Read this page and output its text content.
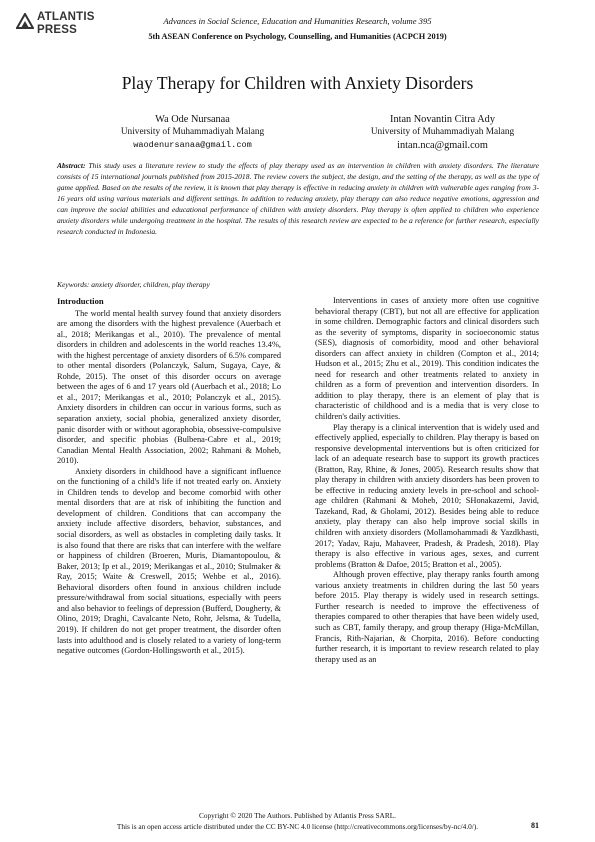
ATLANTIS
PRESS
Advances in Social Science, Education and Humanities Research, volume 395
5th ASEAN Conference on Psychology, Counselling, and Humanities (ACPCH 2019)
Play Therapy for Children with Anxiety Disorders
Wa Ode Nursanaa
University of Muhammadiyah Malang
waodenursanaa@gmail.com
Intan Novantin Citra Ady
University of Muhammadiyah Malang
intan.nca@gmail.com
Abstract: This study uses a literature review to study the effects of play therapy used as an intervention in children with anxiety disorders. The literature consists of 15 international journals published from 2015-2018. The review covers the subject, the design, and the setting of the therapy, as well as the type of game applied. Based on the results of the review, it is known that play therapy is effective in reducing anxiety in children with vulnerable ages ranging from 3-16 years old using various materials and different settings. In addition to reducing anxiety, play therapy can also reduce negative emotions, aggression and can improve the social abilities and educational performance of children with anxiety disorders. Play therapy is often applied to children who experience anxiety disorders while undergoing treatment in the hospital. The results of this research review are expected to be a reference for further research, especially research conducted in Indonesia.
Keywords: anxiety disorder, children, play therapy
Introduction

The world mental health survey found that anxiety disorders are among the disorders with the highest prevalence (Auerbach et al., 2018; Merikangas et al., 2010). The prevalence of mental disorders in children and adolescents in the world reaches 13.4%, with the highest percentage of anxiety disorders of 6.5% compared to other mental disorders (Polanczyk, Salum, Sugaya, Caye, & Rohde, 2015). The onset of this disorder occurs on average between the ages of 6 and 17 years old (Auerbach et al., 2018; Lo et al., 2017; Merikangas et al., 2010; Polanczyk et al., 2015). Anxiety disorders in children can occur in various forms, such as separation anxiety, social phobia, generalized anxiety disorder, panic disorder with or without agoraphobia, obsessive-compulsive disorder, and specific phobias (Bulbena-Cabre et al., 2019; Canadian Mental Health Association, 2002; Rahmani & Moheb, 2010).

Anxiety disorders in childhood have a significant influence on the functioning of a child's life if not treated early on. Anxiety in Children tends to develop and become comorbid with other mental disorders that are at risk of inhibiting the function and development of children. Conditions that can accompany the anxiety include affective disorders, behavior, substances, and social disorders, as well as obstacles in completing daily tasks. It is also found that there are risks that can interfere with the welfare or happiness of children (Broeren, Muris, Diamantopoulou, & Baker, 2013; Ip et al., 2019; Merikangas et al., 2010; Stulmaker & Ray, 2015; Waite & Creswell, 2015; Wehbe et al., 2016). Behavioral disorders often found in anxious children include pressure/withdrawal from social situations, especially with peers and also behavior to feelings of depression (Bufferd, Dougherty, & Olino, 2019; Draghi, Cavalcante Neto, Rohr, Jelsma, & Tudella, 2019). If children do not get proper treatment, the disorder often lasts into adulthood and is closely related to a variety of long-term negative outcomes (Gordon-Hollingsworth et al., 2015).

Interventions in cases of anxiety more often use cognitive behavioral therapy (CBT), but not all are effective for application in some children. Demographic factors and clinical disorders such as the severity of symptoms, disparity in socioeconomic status (SES), diagnosis of comorbidity, mood and other behavioral disorders can affect anxiety in children (Compton et al., 2014; Hudson et al., 2015; Zhu et al., 2019). This condition indicates the need for research and other treatments related to anxiety in children as a form of prevention and intervention disorders. In addition to play therapy, there is an element of play that is characteristic of childhood and is a media that is very close to children's daily activities.

Play therapy is a clinical intervention that is widely used and effectively applied, especially to children. Play therapy is based on responsive developmental interventions but is often criticized for lack of an adequate research base to support its growth practices (Bratton, Ray, Rhine, & Jones, 2005). Research results show that play therapy in children with anxiety disorders has been proven to be effective in reducing anxiety levels in pre-school and school-age children (Rahmani & Moheb, 2010; SHonakazemi, Javid, Tazekand, Rad, & Gholami, 2012). Besides being able to reduce anxiety, play therapy can also help improve social skills in children with anxiety disorders (Mollamohammadi & Yazdkhasti, 2017; Yadav, Raju, Mahaveer, Pradesh, & Pradesh, 2018). Play therapy is also effective in various ages, sexes, and current problems (Bratton & Dafoe, 2015; Bratton et al., 2005).

Although proven effective, play therapy ranks fourth among various anxiety treatments in children during the last 50 years before 2015. Play therapy is widely used in research settings. Further research is needed to improve the effectiveness of therapies compared to other therapies that have been widely used, such as CBT, family therapy, and group therapy (Higa-McMillan, Francis, Rith-Najarian, & Chorpita, 2016). Before conducting further research, it is important to review research related to play therapy used as an

Copyright © 2020 The Authors. Published by Atlantis Press SARL.
This is an open access article distributed under the CC BY-NC 4.0 license (http://creativecommons.org/licenses/by-nc/4.0/).	81
